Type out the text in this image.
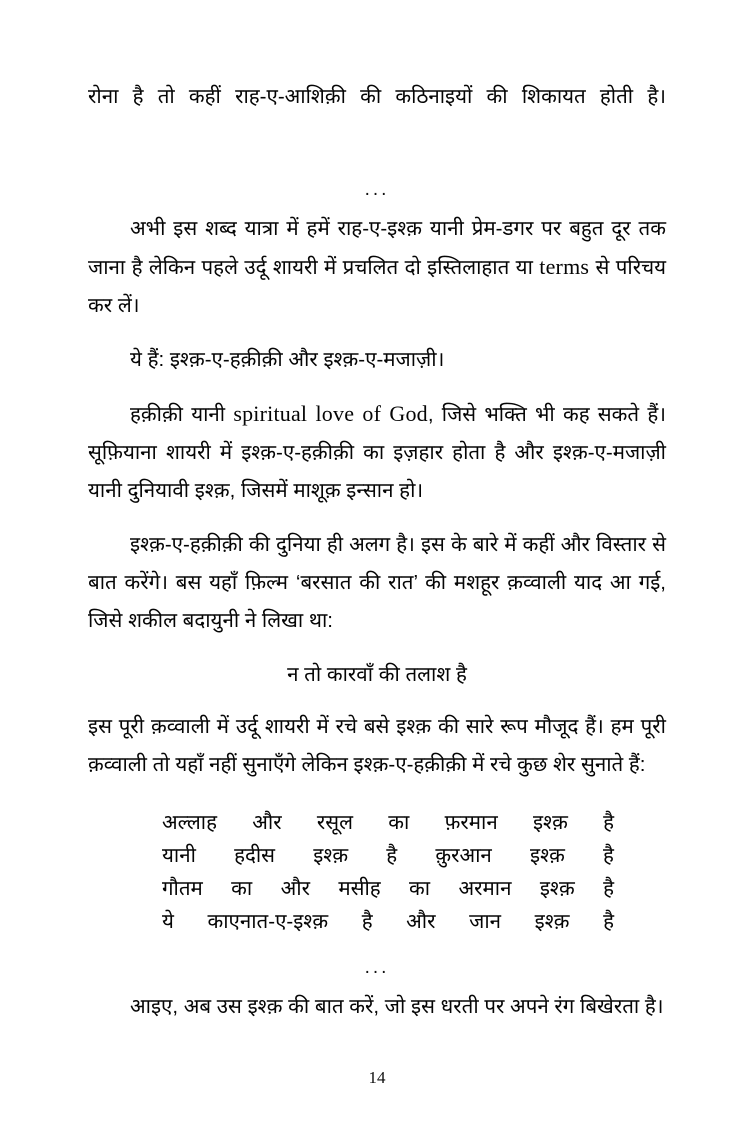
रोना है तो कहीं राह-ए-आशिक़ी की कठिनाइयों की शिकायत होती है।

...

अभी इस शब्द यात्रा में हमें राह-ए-इश्क़ यानी प्रेम-डगर पर बहुत दूर तक जाना है लेकिन पहले उर्दू शायरी में प्रचलित दो इस्तिलाहात या terms से परिचय कर लें।

ये हैं: इश्क़-ए-हक़ीक़ी और इश्क़-ए-मजाज़ी।

हक़ीक़ी यानी spiritual love of God, जिसे भक्ति भी कह सकते हैं। सूफ़ियाना शायरी में इश्क़-ए-हक़ीक़ी का इज़हार होता है और इश्क़-ए-मजाज़ी यानी दुनियावी इश्क़, जिसमें माशूक़ इन्सान हो।

इश्क़-ए-हक़ीक़ी की दुनिया ही अलग है। इस के बारे में कहीं और विस्तार से बात करेंगे। बस यहाँ फ़िल्म ‘बरसात की रात’ की मशहूर क़व्वाली याद आ गई, जिसे शकील बदायुनी ने लिखा था:

न तो कारवाँ की तलाश है

इस पूरी क़व्वाली में उर्दू शायरी में रचे बसे इश्क़ की सारे रूप मौजूद हैं। हम पूरी क़व्वाली तो यहाँ नहीं सुनाएँगे लेकिन इश्क़-ए-हक़ीक़ी में रचे कुछ शेर सुनाते हैं:

अल्लाह और रसूल का फ़रमान इश्क़ है
यानी हदीस इश्क़ है क़ुरआन इश्क़ है
गौतम का और मसीह का अरमान इश्क़ है
ये काएनात-ए-इश्क़ है और जान इश्क़ है
...

आइए, अब उस इश्क़ की बात करें, जो इस धरती पर अपने रंग बिखेरता है।

14
